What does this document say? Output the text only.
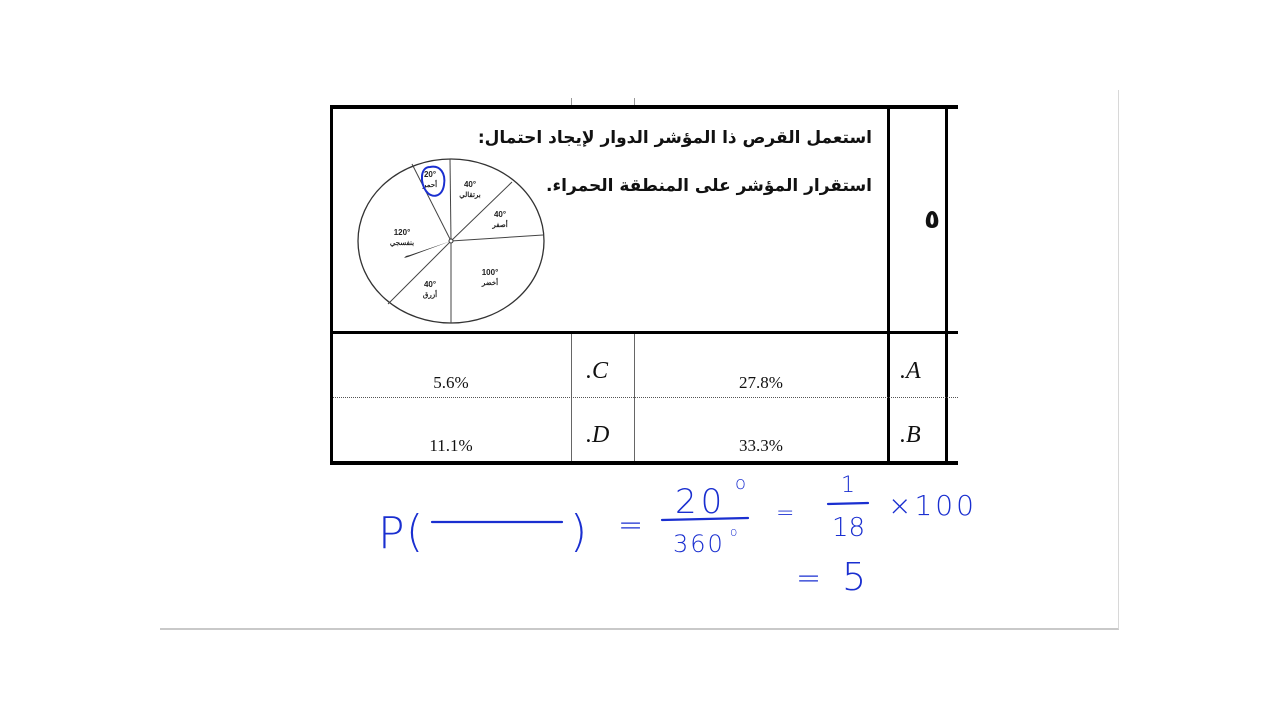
استعمل القرص ذا المؤشر الدوار لإيجاد احتمال:
استقرار المؤشر على المنطقة الحمراء.
٥
20°
أحمر	40°
برتقالي
40°
أصفر
100°
أخضر
40°
أزرق
120°
بنفسجي
.A
27.8%
.C
5.6%
.B
33.3%
.D
11.1%
P (	) =
20 o
360 o
=
1
18
×100
= 5
